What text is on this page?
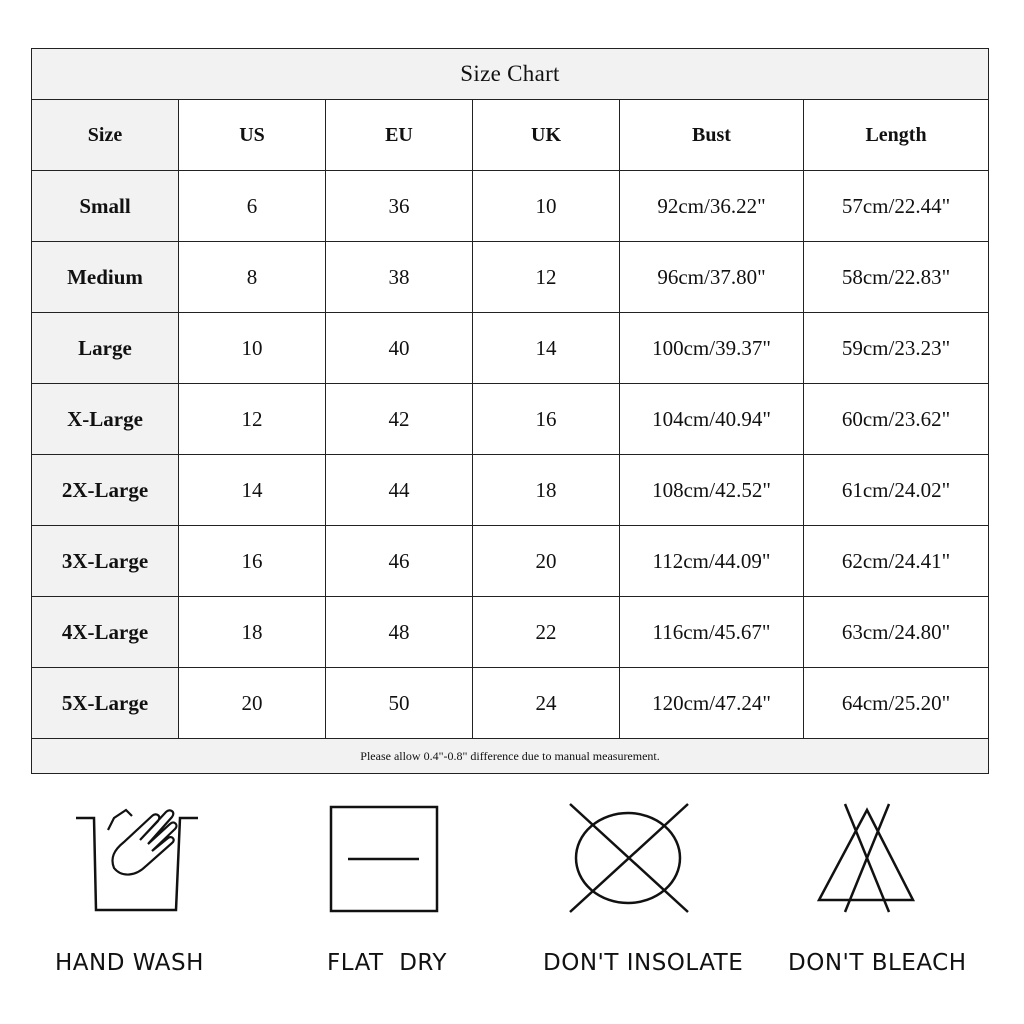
Size Chart					
Size	US	EU	UK	Bust	Length
Small	6	36	10	92cm/36.22"	57cm/22.44"
Medium	8	38	12	96cm/37.80"	58cm/22.83"
Large	10	40	14	100cm/39.37"	59cm/23.23"
X-Large	12	42	16	104cm/40.94"	60cm/23.62"
2X-Large	14	44	18	108cm/42.52"	61cm/24.02"
3X-Large	16	46	20	112cm/44.09"	62cm/24.41"
4X-Large	18	48	22	116cm/45.67"	63cm/24.80"
5X-Large	20	50	24	120cm/47.24"	64cm/25.20"
Please allow 0.4"-0.8" difference due to manual measurement.					
HAND WASH	FLAT  DRY	DON'T INSOLATE DON'T BLEACH
